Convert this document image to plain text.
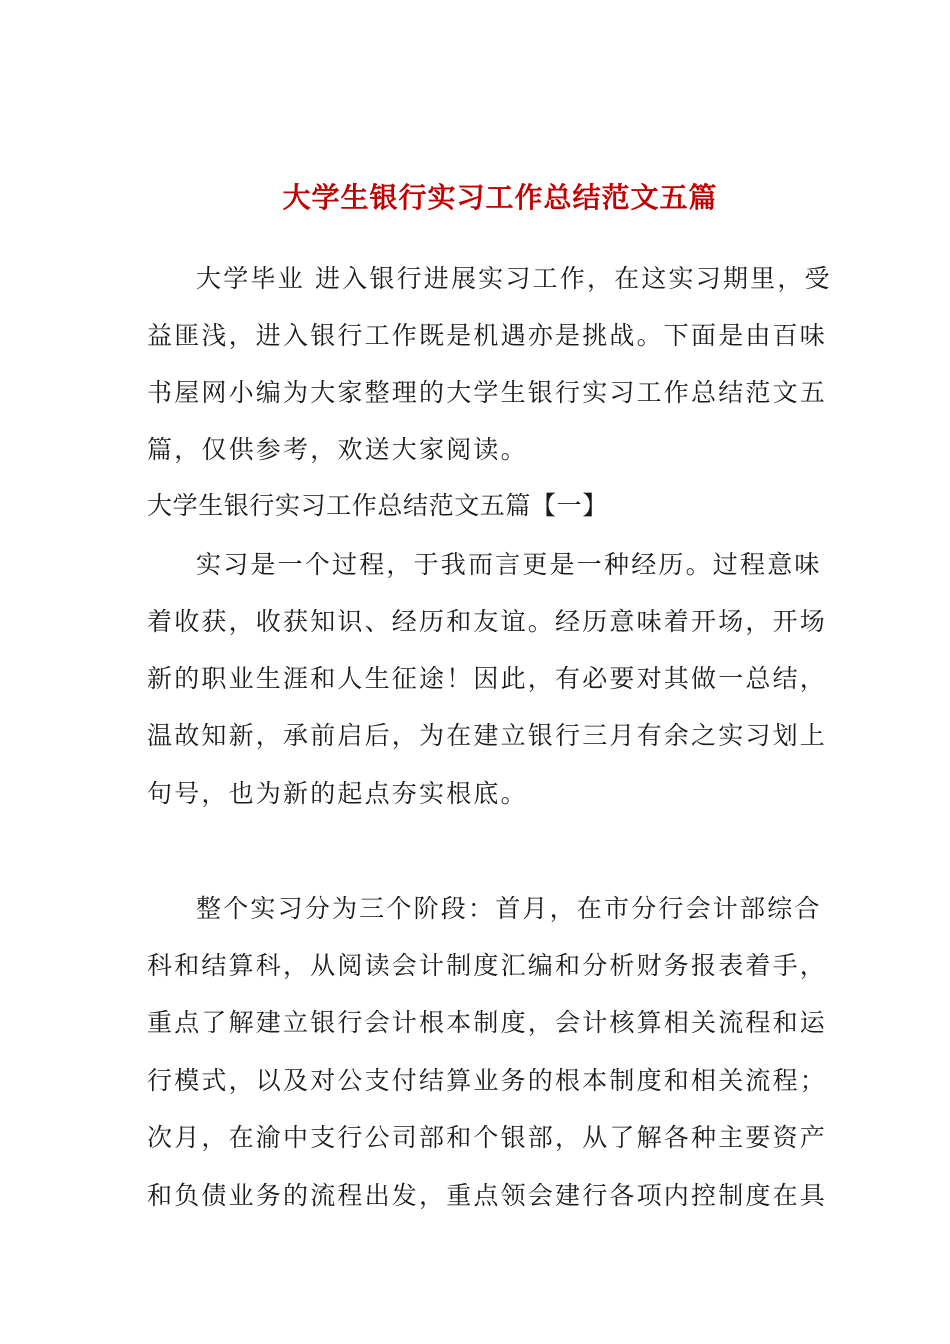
大学生银行实习工作总结范文五篇
大学毕业 进入银行进展实习工作，在这实习期里，受
益匪浅，进入银行工作既是机遇亦是挑战。下面是由百味
书屋网小编为大家整理的大学生银行实习工作总结范文五
篇，仅供参考，欢送大家阅读。
大学生银行实习工作总结范文五篇【一】
实习是一个过程，于我而言更是一种经历。过程意味
着收获，收获知识、经历和友谊。经历意味着开场，开场
新的职业生涯和人生征途！因此，有必要对其做一总结，
温故知新，承前启后，为在建立银行三月有余之实习划上
句号，也为新的起点夯实根底。
整个实习分为三个阶段：首月，在市分行会计部综合
科和结算科，从阅读会计制度汇编和分析财务报表着手，
重点了解建立银行会计根本制度，会计核算相关流程和运
行模式，以及对公支付结算业务的根本制度和相关流程；
次月，在渝中支行公司部和个银部，从了解各种主要资产
和负债业务的流程出发，重点领会建行各项内控制度在具
